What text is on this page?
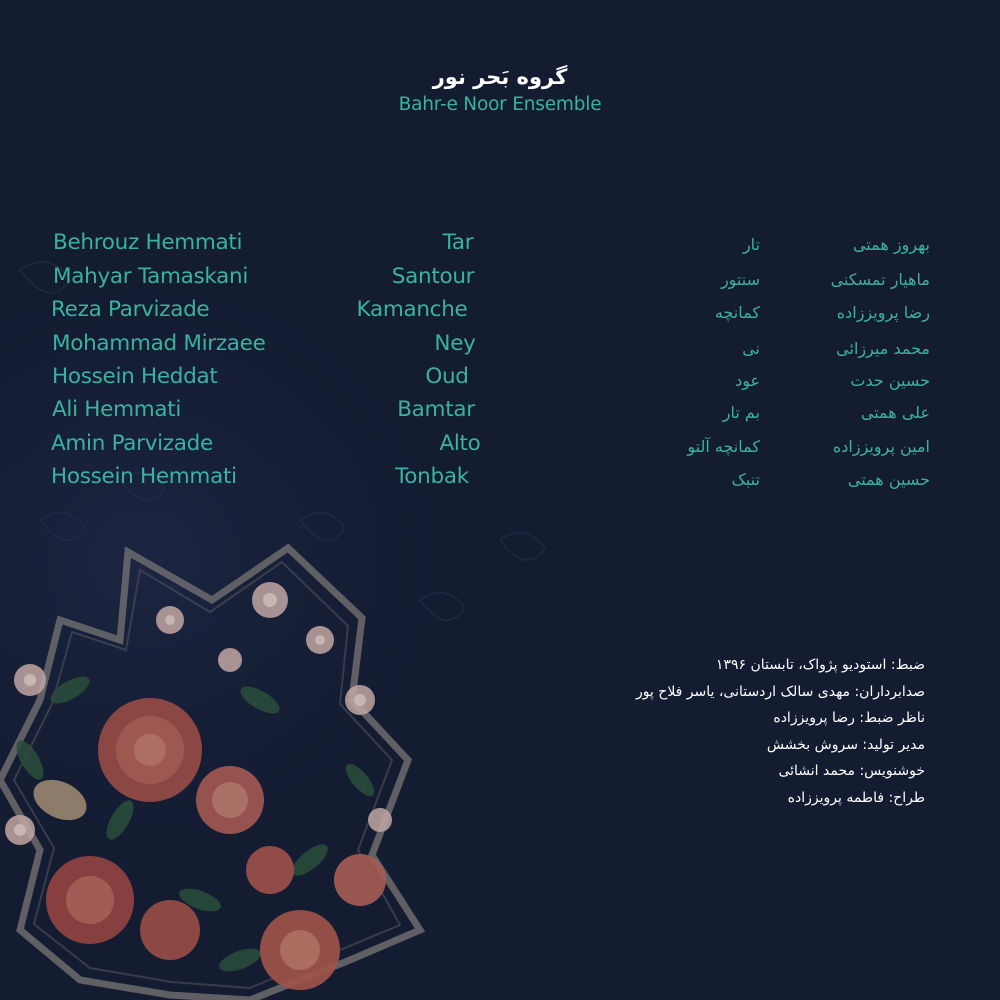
گروه بَحر نور
Bahr-e Noor Ensemble
Behrouz Hemmati	Tar	تار	بهروز همتی
Mahyar Tamaskani	Santour	سنتور	ماهیار تمسکنی
Reza Parvizade	Kamanche	کمانچه	رضا پرویززاده
Mohammad Mirzaee	Ney	نی	محمد میرزائی
Hossein Heddat	Oud	عود	حسین حدت
Ali Hemmati	Bamtar	بم تار	علی همتی
Amin Parvizade	Alto	کمانچه آلتو	امین پرویززاده
Hossein Hemmati	Tonbak	تنبک	حسین همتی
ضبط: استودیو پژواک، تابستان ۱۳۹۶
صدابرداران: مهدی سالک اردستانی، یاسر فلاح پور
ناظر ضبط: رضا پرویززاده
مدیر تولید: سروش بخشش
خوشنویس: محمد انشائی
طراح: فاطمه پرویززاده
